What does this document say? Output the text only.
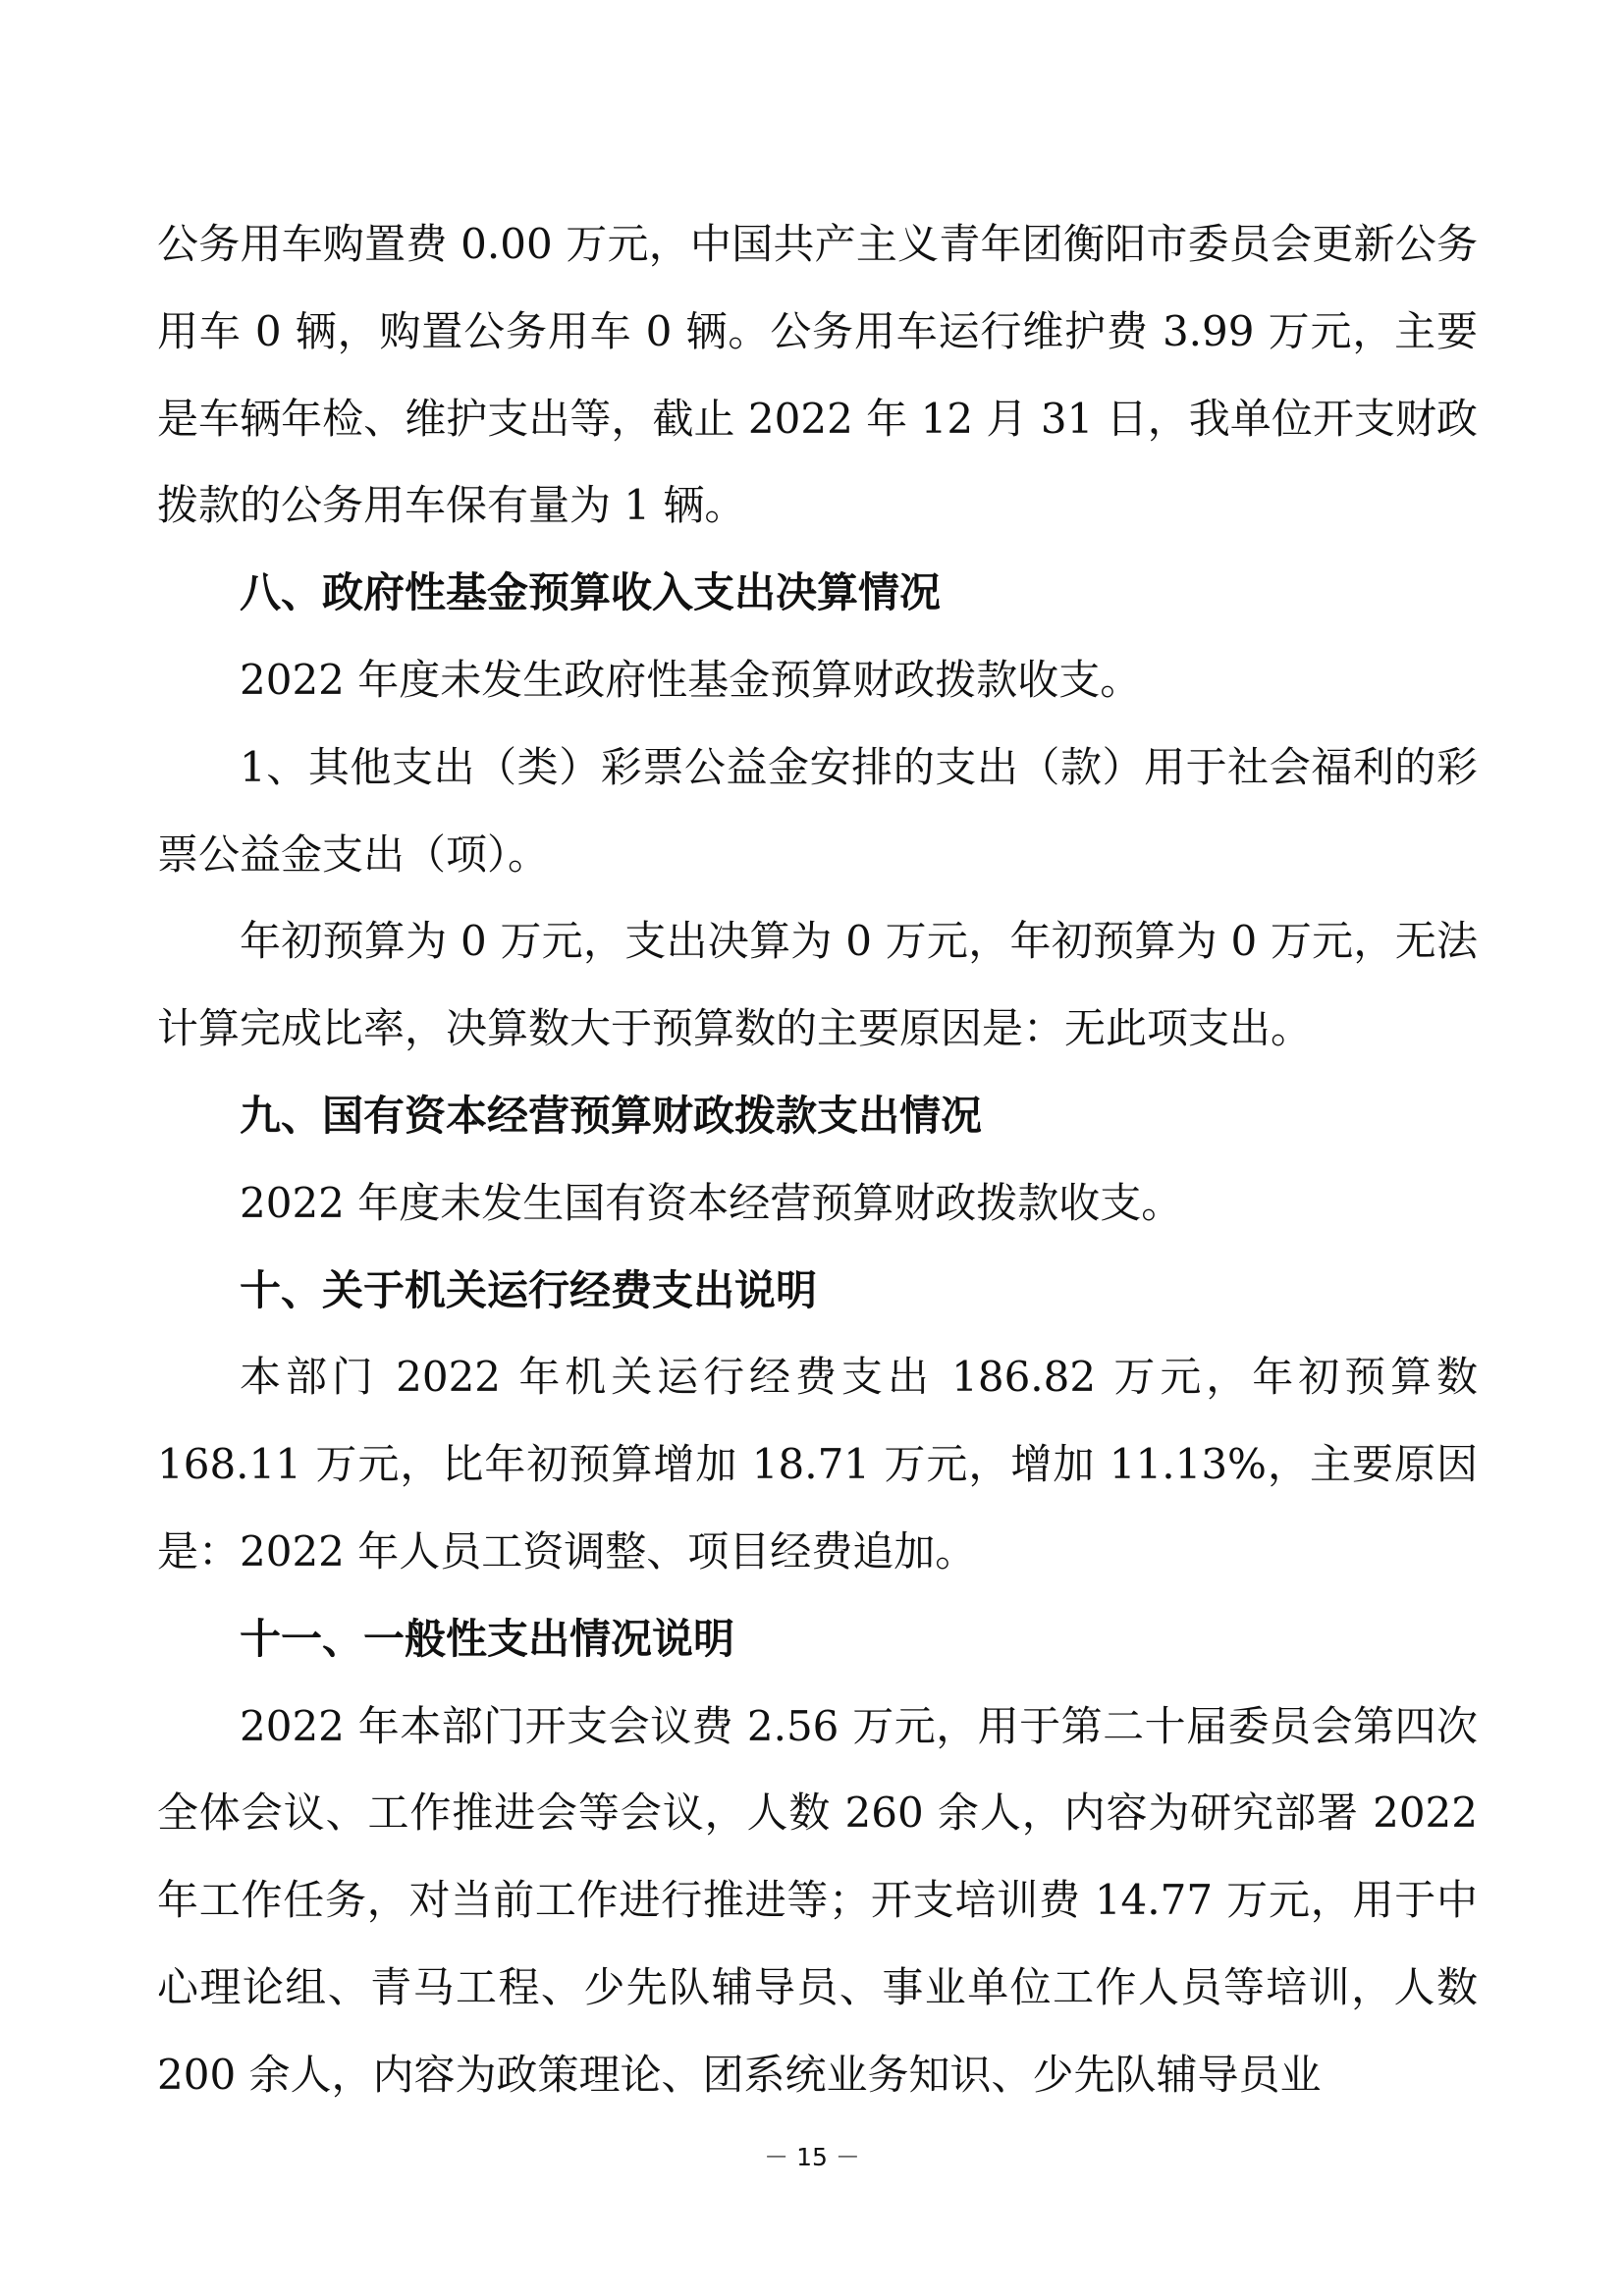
公务用车购置费 0.00 万元，中国共产主义青年团衡阳市委员会更新公务用车 0 辆，购置公务用车 0 辆。公务用车运行维护费 3.99 万元，主要是车辆年检、维护支出等，截止 2022 年 12 月 31 日，我单位开支财政拨款的公务用车保有量为 1 辆。

八、政府性基金预算收入支出决算情况

2022 年度未发生政府性基金预算财政拨款收支。

1、其他支出（类）彩票公益金安排的支出（款）用于社会福利的彩票公益金支出（项）。

年初预算为 0 万元，支出决算为 0 万元，年初预算为 0 万元，无法计算完成比率，决算数大于预算数的主要原因是：无此项支出。

九、国有资本经营预算财政拨款支出情况

2022 年度未发生国有资本经营预算财政拨款收支。

十、关于机关运行经费支出说明

本部门 2022 年机关运行经费支出 186.82 万元，年初预算数 168.11 万元，比年初预算增加 18.71 万元，增加 11.13%，主要原因是：2022 年人员工资调整、项目经费追加。

十一、一般性支出情况说明

2022 年本部门开支会议费 2.56 万元，用于第二十届委员会第四次全体会议、工作推进会等会议，人数 260 余人，内容为研究部署 2022 年工作任务，对当前工作进行推进等；开支培训费 14.77 万元，用于中心理论组、青马工程、少先队辅导员、事业单位工作人员等培训，人数 200 余人，内容为政策理论、团系统业务知识、少先队辅导员业

－ 15 －
